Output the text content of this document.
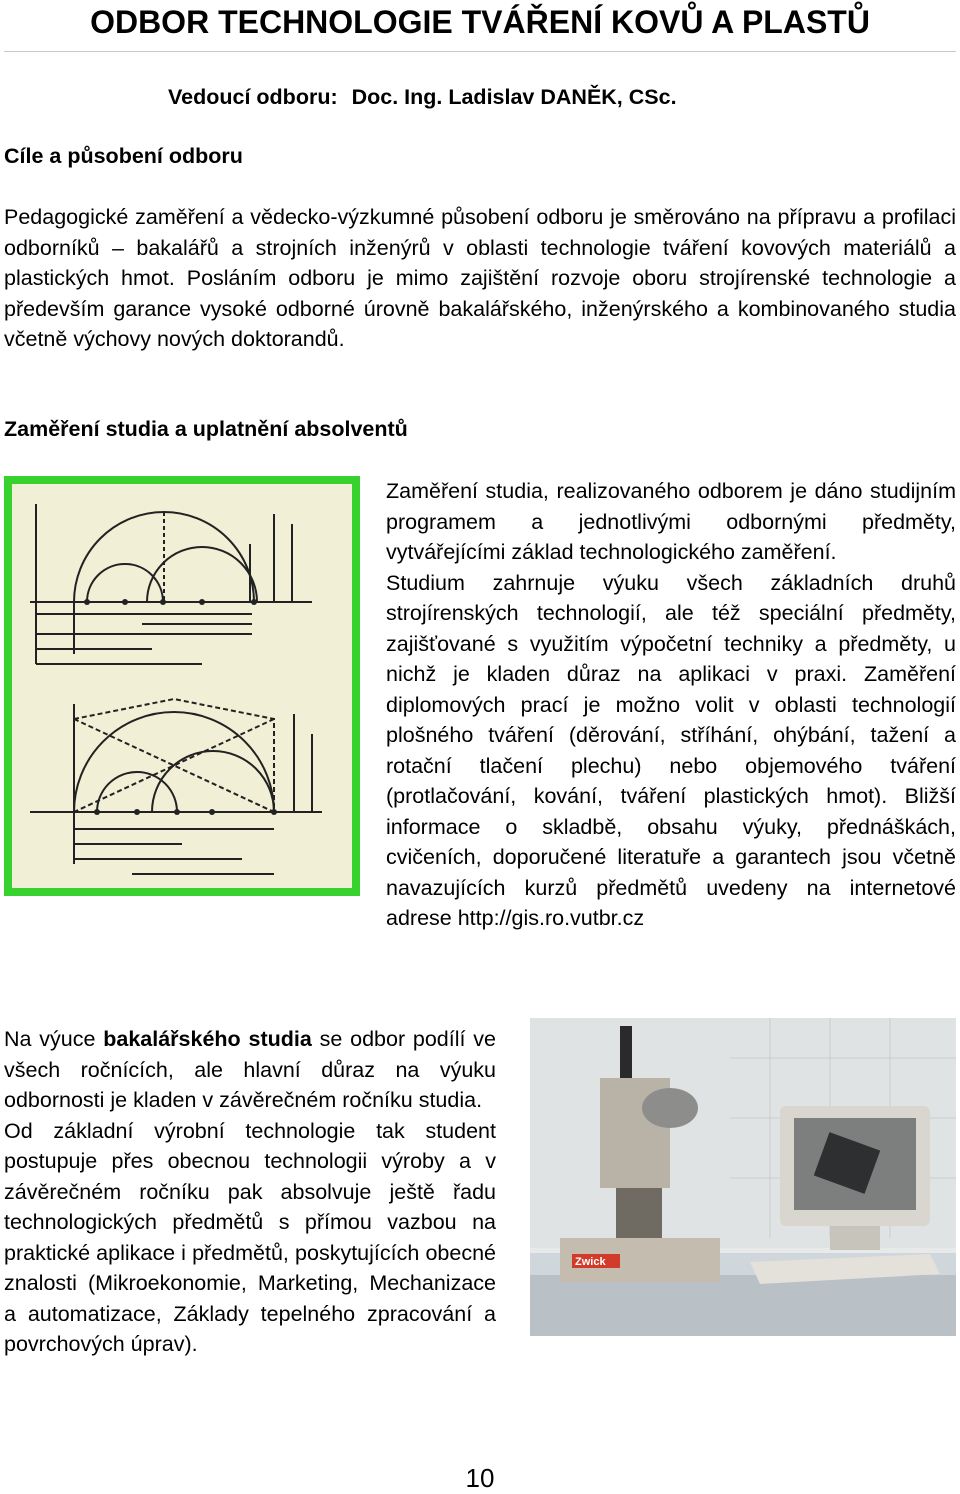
ODBOR TECHNOLOGIE TVÁŘENÍ KOVŮ A PLASTŮ
Vedoucí odboru: Doc. Ing. Ladislav DANĚK, CSc.
Cíle a působení odboru

Pedagogické zaměření a vědecko-výzkumné působení odboru je směrováno na přípravu a profilaci odborníků – bakalářů a strojních inženýrů v oblasti technologie tváření kovových materiálů a plastických hmot. Posláním odboru je mimo zajištění rozvoje oboru strojírenské technologie a především garance vysoké odborné úrovně bakalářského, inženýrského a kombinovaného studia včetně výchovy nových doktorandů.

Zaměření studia a uplatnění absolventů
Zaměření studia, realizovaného odborem je dáno studijním programem a jednotlivými odbornými předměty, vytvářejícími základ technologického zaměření.
Studium zahrnuje výuku všech základních druhů strojírenských technologií, ale též speciální předměty, zajišťované s využitím výpočetní techniky a předměty, u nichž je kladen důraz na aplikaci v praxi. Zaměření diplomových prací je možno volit v oblasti technologií plošného tváření (děrování, stříhání, ohýbání, tažení a rotační tlačení plechu) nebo objemového tváření (protlačování, kování, tváření plastických hmot). Bližší informace o skladbě, obsahu výuky, přednáškách, cvičeních, doporučené literatuře a garantech jsou včetně navazujících kurzů předmětů uvedeny na internetové adrese http://gis.ro.vutbr.cz
Zwick
Na výuce bakalářského studia se odbor podílí ve všech ročnících, ale hlavní důraz na výuku odbornosti je kladen v závěrečném ročníku studia.
Od základní výrobní technologie tak student postupuje přes obecnou technologii výroby a v závěrečném ročníku pak absolvuje ještě řadu technologických předmětů s přímou vazbou na praktické aplikace i předmětů, poskytujících obecné znalosti (Mikroekonomie, Marketing, Mechanizace a automatizace, Základy tepelného zpracování a povrchových úprav).
10
